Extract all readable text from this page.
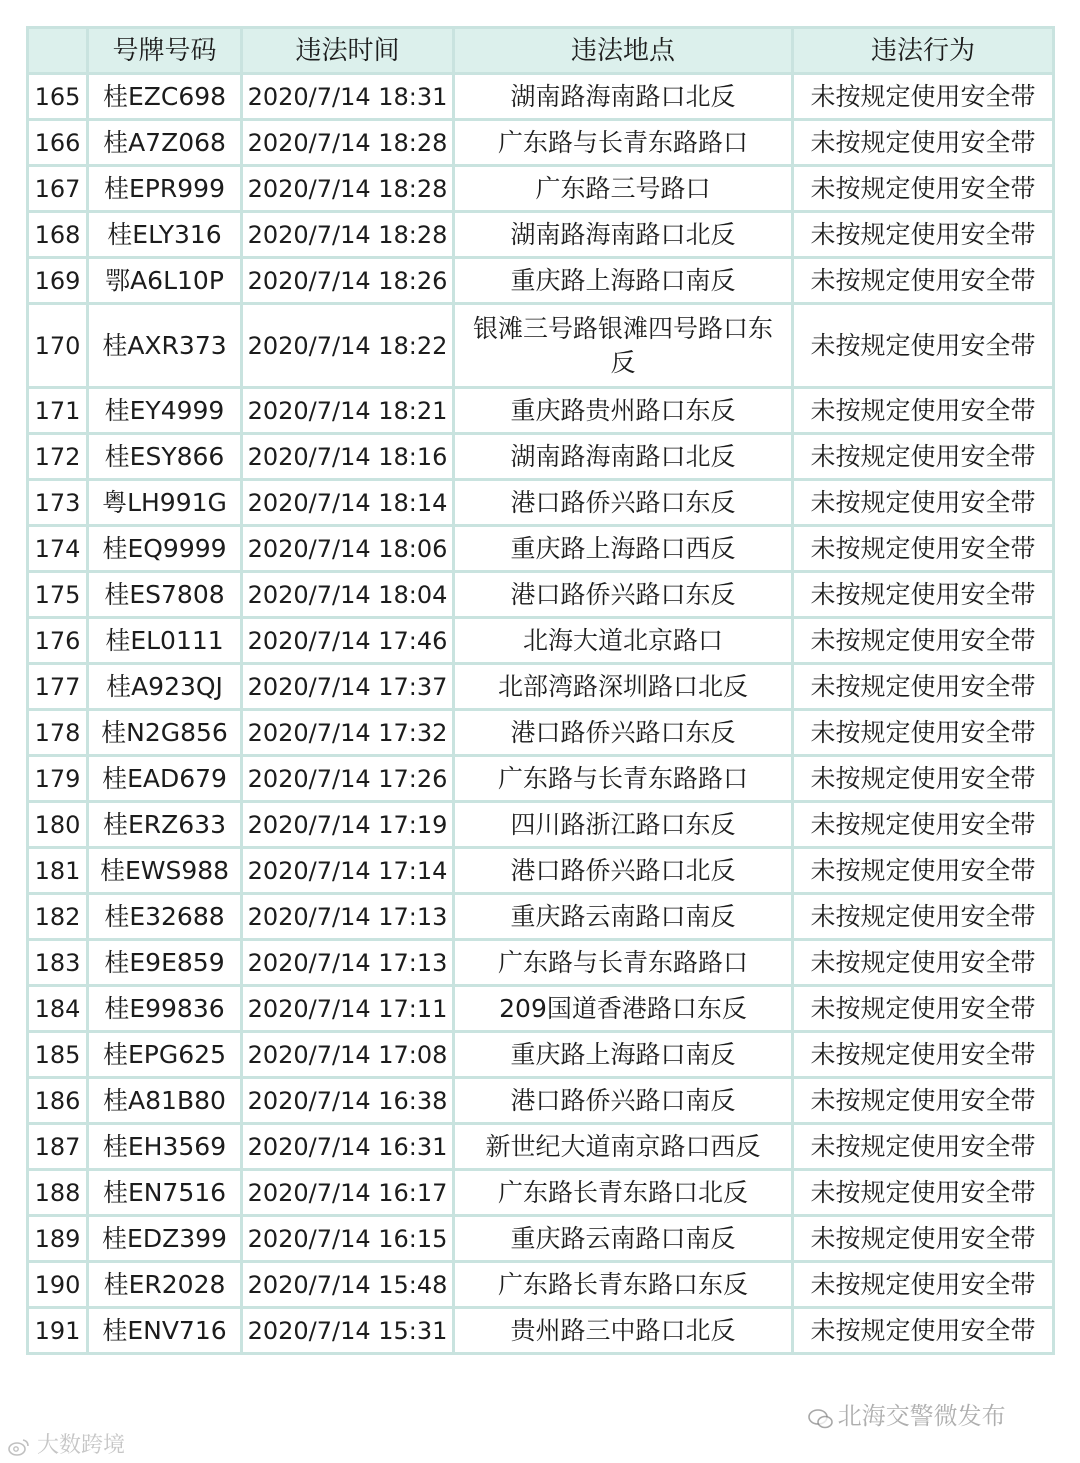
	号牌号码	违法时间	违法地点	违法行为
165	桂EZC698	2020/7/14 18:31	湖南路海南路口北反	未按规定使用安全带
166	桂A7Z068	2020/7/14 18:28	广东路与长青东路路口	未按规定使用安全带
167	桂EPR999	2020/7/14 18:28	广东路三号路口	未按规定使用安全带
168	桂ELY316	2020/7/14 18:28	湖南路海南路口北反	未按规定使用安全带
169	鄂A6L10P	2020/7/14 18:26	重庆路上海路口南反	未按规定使用安全带
170	桂AXR373	2020/7/14 18:22	银滩三号路银滩四号路口东反	未按规定使用安全带
171	桂EY4999	2020/7/14 18:21	重庆路贵州路口东反	未按规定使用安全带
172	桂ESY866	2020/7/14 18:16	湖南路海南路口北反	未按规定使用安全带
173	粤LH991G	2020/7/14 18:14	港口路侨兴路口东反	未按规定使用安全带
174	桂EQ9999	2020/7/14 18:06	重庆路上海路口西反	未按规定使用安全带
175	桂ES7808	2020/7/14 18:04	港口路侨兴路口东反	未按规定使用安全带
176	桂EL0111	2020/7/14 17:46	北海大道北京路口	未按规定使用安全带
177	桂A923QJ	2020/7/14 17:37	北部湾路深圳路口北反	未按规定使用安全带
178	桂N2G856	2020/7/14 17:32	港口路侨兴路口东反	未按规定使用安全带
179	桂EAD679	2020/7/14 17:26	广东路与长青东路路口	未按规定使用安全带
180	桂ERZ633	2020/7/14 17:19	四川路浙江路口东反	未按规定使用安全带
181	桂EWS988	2020/7/14 17:14	港口路侨兴路口北反	未按规定使用安全带
182	桂E32688	2020/7/14 17:13	重庆路云南路口南反	未按规定使用安全带
183	桂E9E859	2020/7/14 17:13	广东路与长青东路路口	未按规定使用安全带
184	桂E99836	2020/7/14 17:11	209国道香港路口东反	未按规定使用安全带
185	桂EPG625	2020/7/14 17:08	重庆路上海路口南反	未按规定使用安全带
186	桂A81B80	2020/7/14 16:38	港口路侨兴路口南反	未按规定使用安全带
187	桂EH3569	2020/7/14 16:31	新世纪大道南京路口西反	未按规定使用安全带
188	桂EN7516	2020/7/14 16:17	广东路长青东路口北反	未按规定使用安全带
189	桂EDZ399	2020/7/14 16:15	重庆路云南路口南反	未按规定使用安全带
190	桂ER2028	2020/7/14 15:48	广东路长青东路口东反	未按规定使用安全带
191	桂ENV716	2020/7/14 15:31	贵州路三中路口北反	未按规定使用安全带
大数跨境
北海交警微发布
